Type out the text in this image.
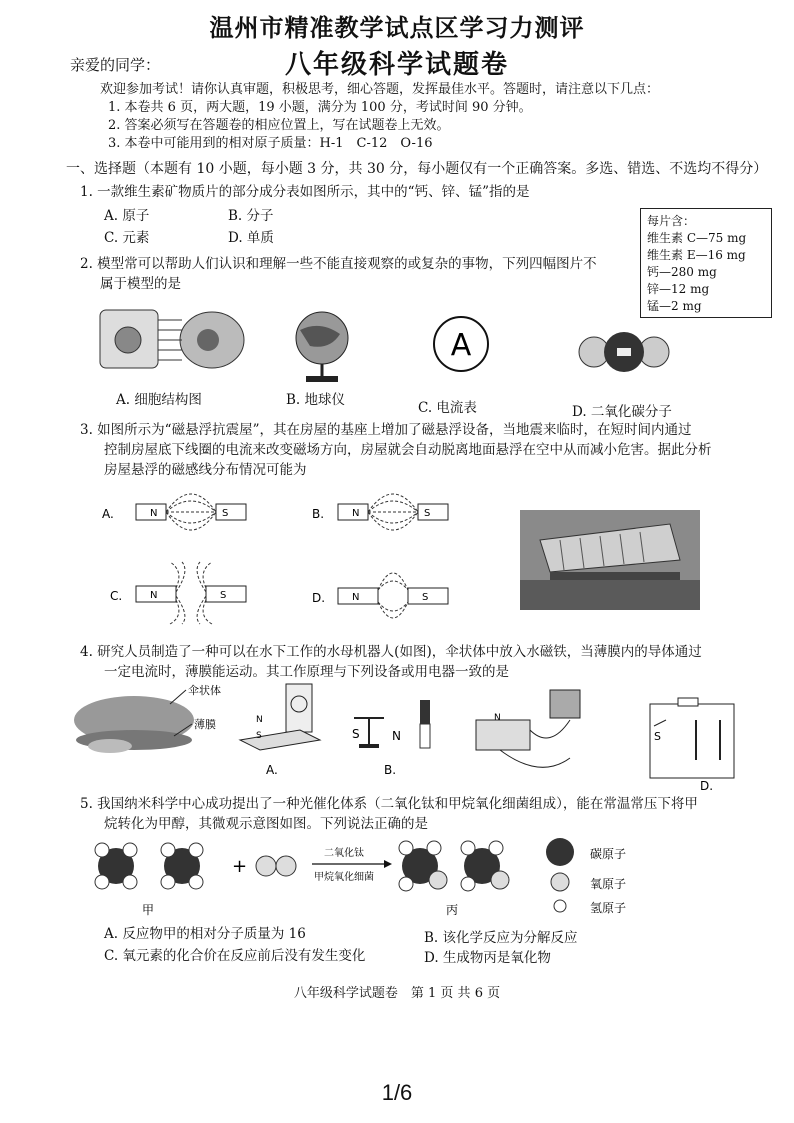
温州市精准教学试点区学习力测评
八年级科学试题卷
亲爱的同学：
欢迎参加考试！请你认真审题，积极思考，细心答题，发挥最佳水平。答题时，请注意以下几点：
1. 本卷共 6 页，两大题，19 小题，满分为 100 分，考试时间 90 分钟。
2. 答案必须写在答题卷的相应位置上，写在试题卷上无效。
3. 本卷中可能用到的相对原子质量：H-1　C-12　O-16
一、选择题（本题有 10 小题，每小题 3 分，共 30 分，每小题仅有一个正确答案。多选、错选、不选均不得分）
1. 一款维生素矿物质片的部分成分表如图所示，其中的“钙、锌、锰”指的是
A. 原子	B. 分子
C. 元素	D. 单质
每片含：
维生素 C—75 mg
维生素 E—16 mg
钙—280 mg
锌—12 mg
锰—2 mg
2. 模型常可以帮助人们认识和理解一些不能直接观察的或复杂的事物，下列四幅图片不
属于模型的是
A
A. 细胞结构图	B. 地球仪	C. 电流表	D. 二氧化碳分子
3. 如图所示为“磁悬浮抗震屋”，其在房屋的基座上增加了磁悬浮设备，当地震来临时，在短时间内通过
控制房屋底下线圈的电流来改变磁场方向，房屋就会自动脱离地面悬浮在空中从而减小危害。据此分析
房屋悬浮的磁感线分布情况可能为
A.	N	S	B.	N	S
C.	N	S	D.	N	S
4. 研究人员制造了一种可以在水下工作的水母机器人(如图)，伞状体中放入水磁铁，当薄膜内的导体通过
一定电流时，薄膜能运动。其工作原理与下列设备或用电器一致的是
伞状体
薄膜	N
S
A.
S	N
B.
N
S
D.
5. 我国纳米科学中心成功提出了一种光催化体系（二氧化钛和甲烷氧化细菌组成），能在常温常压下将甲
烷转化为甲醇，其微观示意图如图。下列说法正确的是
甲
+
二氧化钛
甲烷氧化细菌
丙
碳原子
氧原子
氢原子
A. 反应物甲的相对分子质量为 16	B. 该化学反应为分解反应
C. 氧元素的化合价在反应前后没有发生变化	D. 生成物丙是氧化物
八年级科学试题卷　第 1 页 共 6 页
1/6
